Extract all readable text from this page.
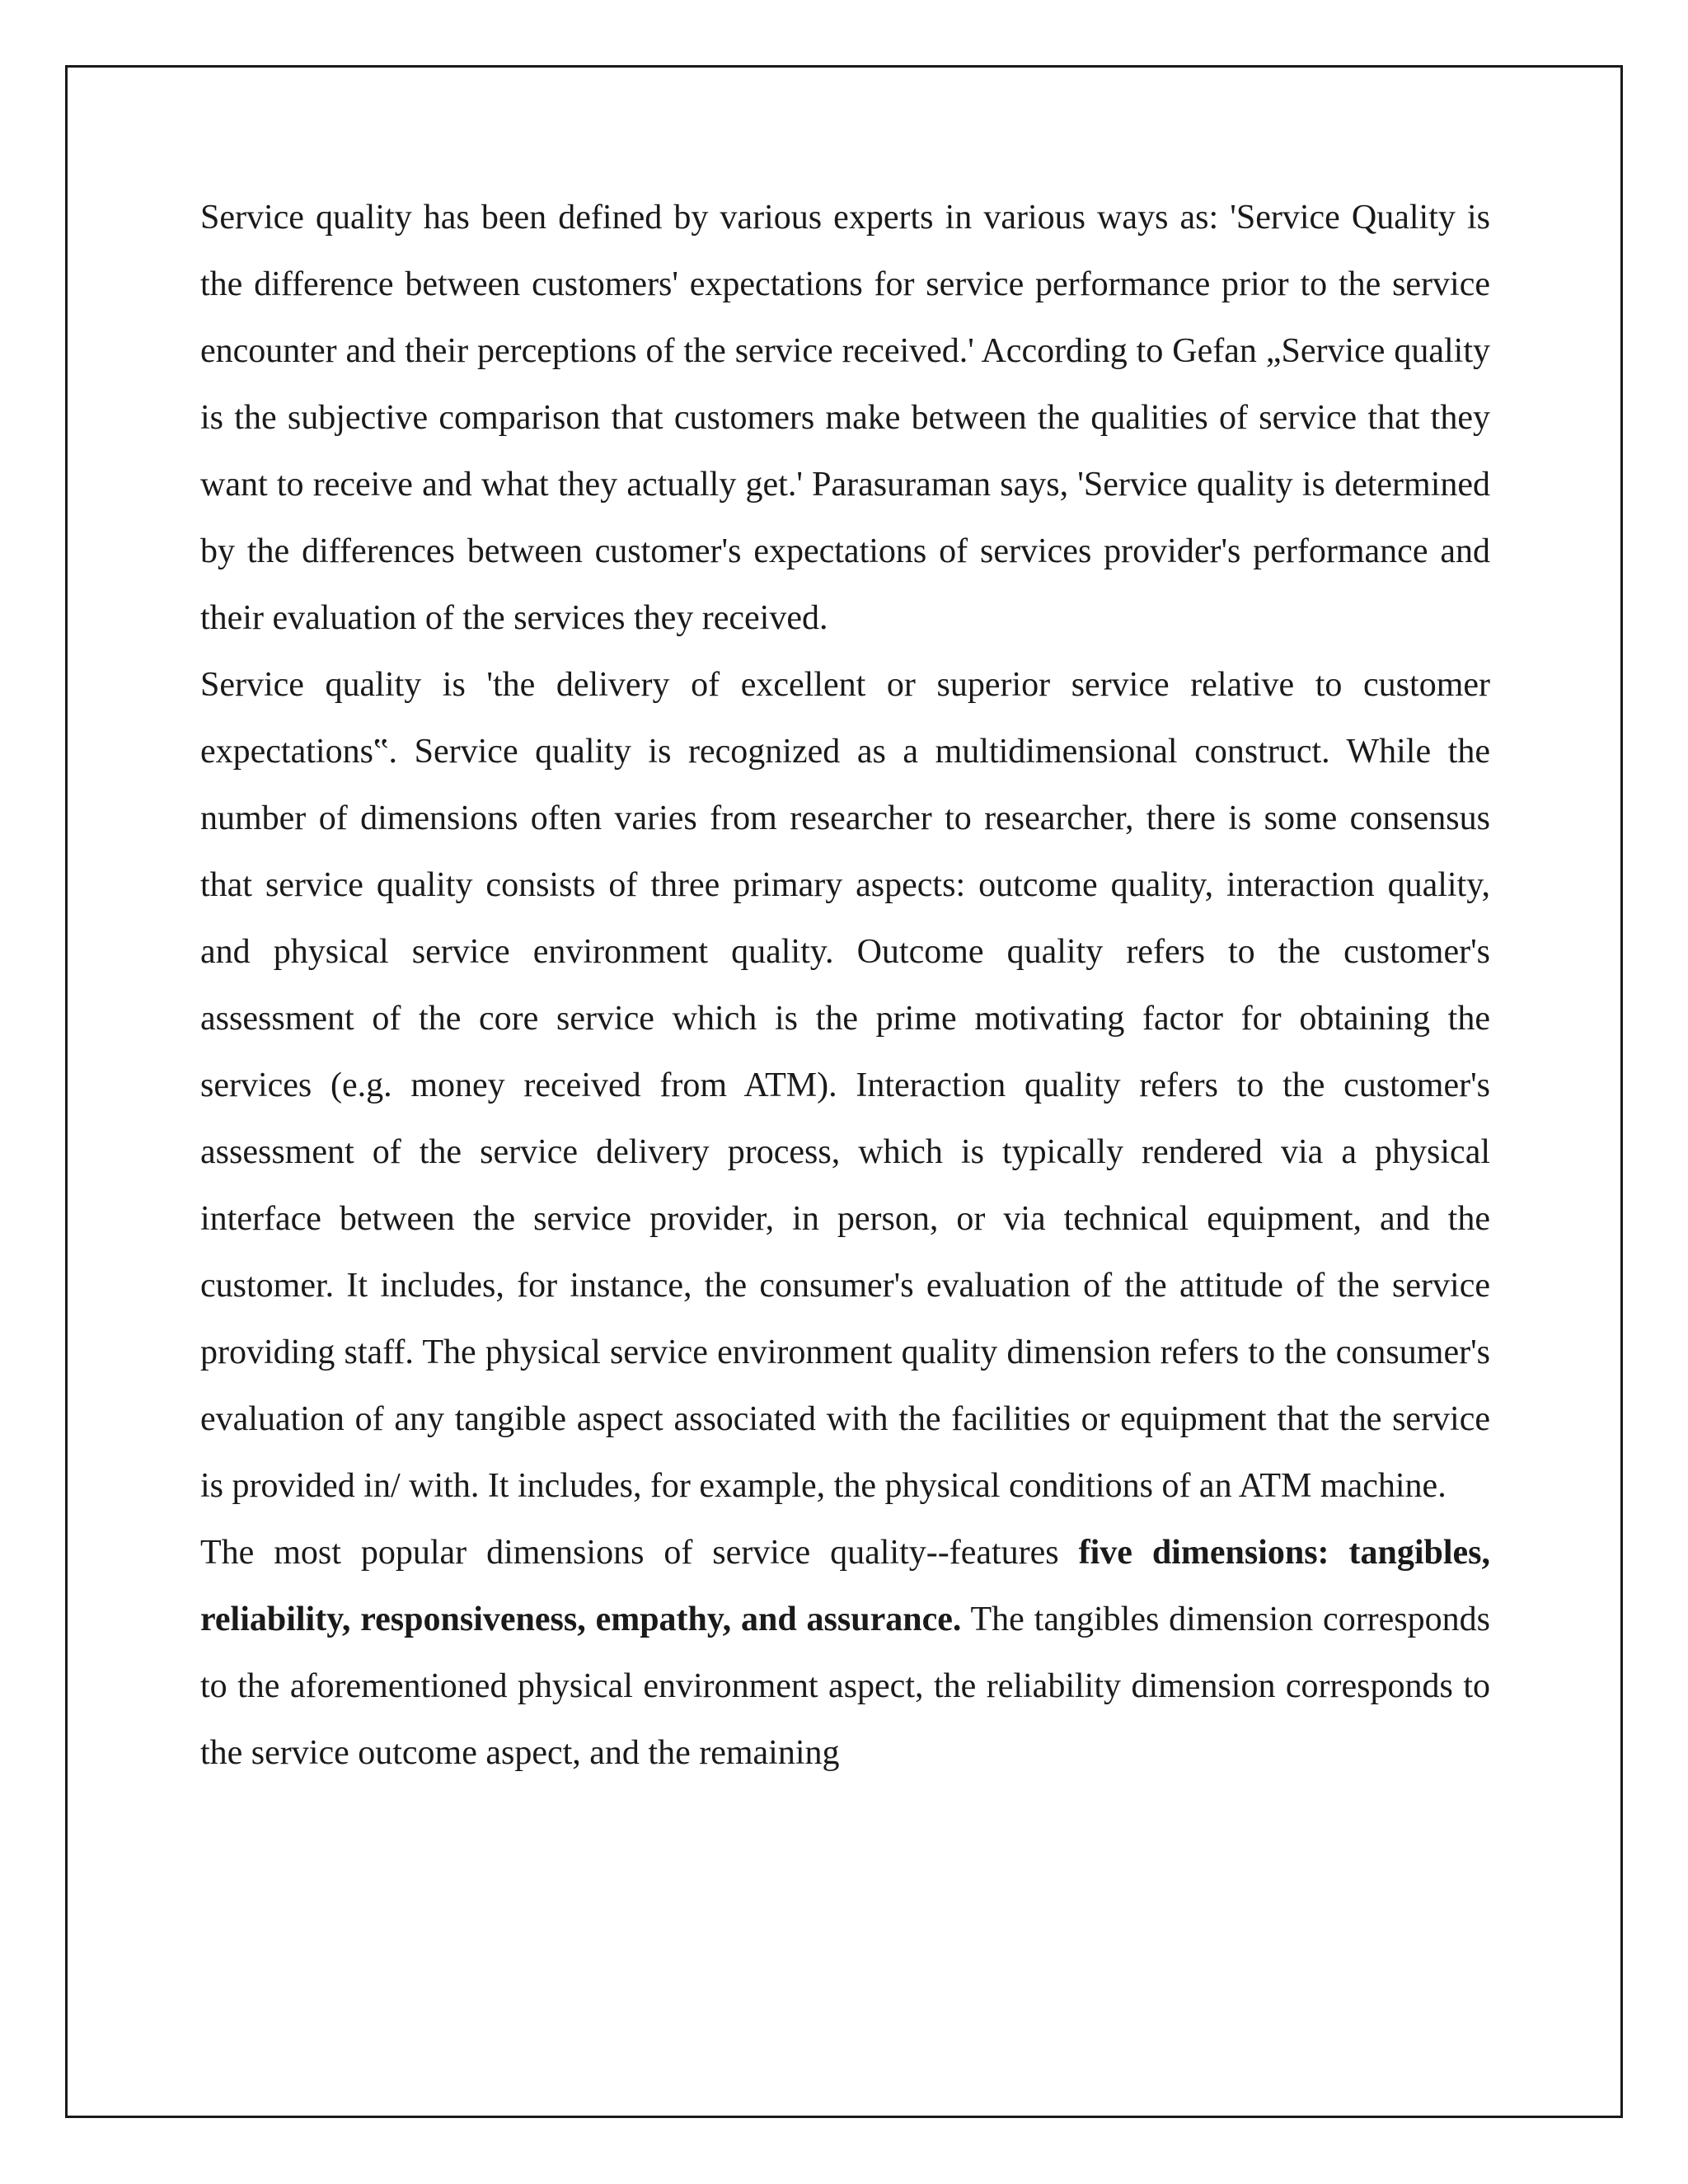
Service quality has been defined by various experts in various ways as: 'Service Quality is the difference between customers' expectations for service performance prior to the service encounter and their perceptions of the service received.' According to Gefan „Service quality is the subjective comparison that customers make between the qualities of service that they want to receive and what they actually get.' Parasuraman says, 'Service quality is determined by the differences between customer's expectations of services provider's performance and their evaluation of the services they received.

Service quality is 'the delivery of excellent or superior service relative to customer expectations‟. Service quality is recognized as a multidimensional construct. While the number of dimensions often varies from researcher to researcher, there is some consensus that service quality consists of three primary aspects: outcome quality, interaction quality, and physical service environment quality. Outcome quality refers to the customer's assessment of the core service which is the prime motivating factor for obtaining the services (e.g. money received from ATM). Interaction quality refers to the customer's assessment of the service delivery process, which is typically rendered via a physical interface between the service provider, in person, or via technical equipment, and the customer. It includes, for instance, the consumer's evaluation of the attitude of the service providing staff. The physical service environment quality dimension refers to the consumer's evaluation of any tangible aspect associated with the facilities or equipment that the service is provided in/ with. It includes, for example, the physical conditions of an ATM machine.

The most popular dimensions of service quality--features five dimensions: tangibles, reliability, responsiveness, empathy, and assurance. The tangibles dimension corresponds to the aforementioned physical environment aspect, the reliability dimension corresponds to the service outcome aspect, and the remaining
